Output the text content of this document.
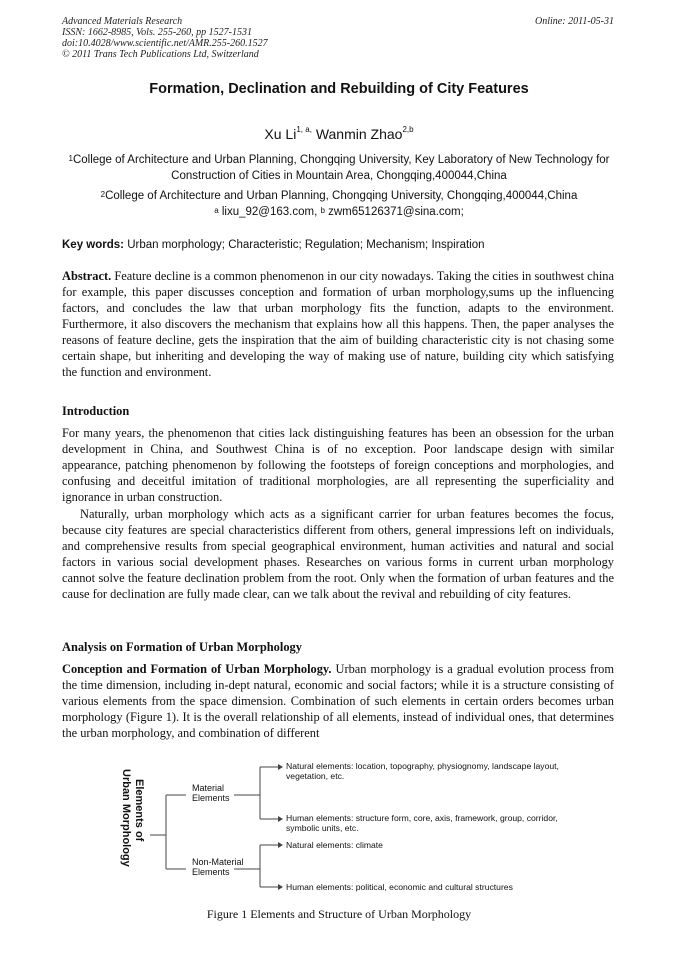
Advanced Materials Research
ISSN: 1662-8985, Vols. 255-260, pp 1527-1531
doi:10.4028/www.scientific.net/AMR.255-260.1527
© 2011 Trans Tech Publications Ltd, Switzerland
Online: 2011-05-31
Formation, Declination and Rebuilding of City Features
Xu $Li^{1, a,}$ Wanmin Zhao$^{2,b}$
$^1$College of Architecture and Urban Planning, Chongqing University, Key Laboratory of New Technology for Construction of Cities in Mountain Area, Chongqing,400044,China
$^2$College of Architecture and Urban Planning, Chongqing University, Chongqing,400044,China
$^a$ lixu_92@163.com, $^b$ zwm65126371@sina.com;
Key words: Urban morphology; Characteristic; Regulation; Mechanism; Inspiration
Abstract. Feature decline is a common phenomenon in our city nowadays. Taking the cities in southwest china for example, this paper discusses conception and formation of urban morphology,sums up the influencing factors, and concludes the law that urban morphology fits the function, adapts to the environment. Furthermore, it also discovers the mechanism that explains how all this happens. Then, the paper analyses the reasons of feature decline, gets the inspiration that the aim of building characteristic city is not chasing some certain shape, but inheriting and developing the way of making use of nature, building city which satisfying the function and environment.
Introduction
For many years, the phenomenon that cities lack distinguishing features has been an obsession for the urban development in China, and Southwest China is of no exception. Poor landscape design with similar appearance, patching phenomenon by following the footsteps of foreign conceptions and morphologies, and confusing and deceitful imitation of traditional morphologies, are all representing the superficiality and ignorance in urban construction.
Naturally, urban morphology which acts as a significant carrier for urban features becomes the focus, because city features are special characteristics different from others, general impressions left on individuals, and comprehensive results from special geographical environment, human activities and natural and social factors in various social development phases. Researches on various forms in current urban morphology cannot solve the feature declination problem from the root. Only when the formation of urban features and the cause for declination are fully made clear, can we talk about the revival and rebuilding of city features.
Analysis on Formation of Urban Morphology
Conception and Formation of Urban Morphology. Urban morphology is a gradual evolution process from the time dimension, including in-dept natural, economic and social factors; while it is a structure consisting of various elements from the space dimension. Combination of such elements in certain orders becomes urban morphology (Figure 1). It is the overall relationship of all elements, instead of individual ones, that determines the urban morphology, and combination of different
Elements of
Urban Morphology	Material
Elements
Non-Material
Elements
Natural elements: location, topography, physiognomy, landscape layout,
vegetation, etc.
Human elements: structure form, core, axis, framework, group, corridor,
symbolic units, etc.
Natural elements: climate
Human elements: political, economic and cultural structures
Figure 1 Elements and Structure of Urban Morphology
